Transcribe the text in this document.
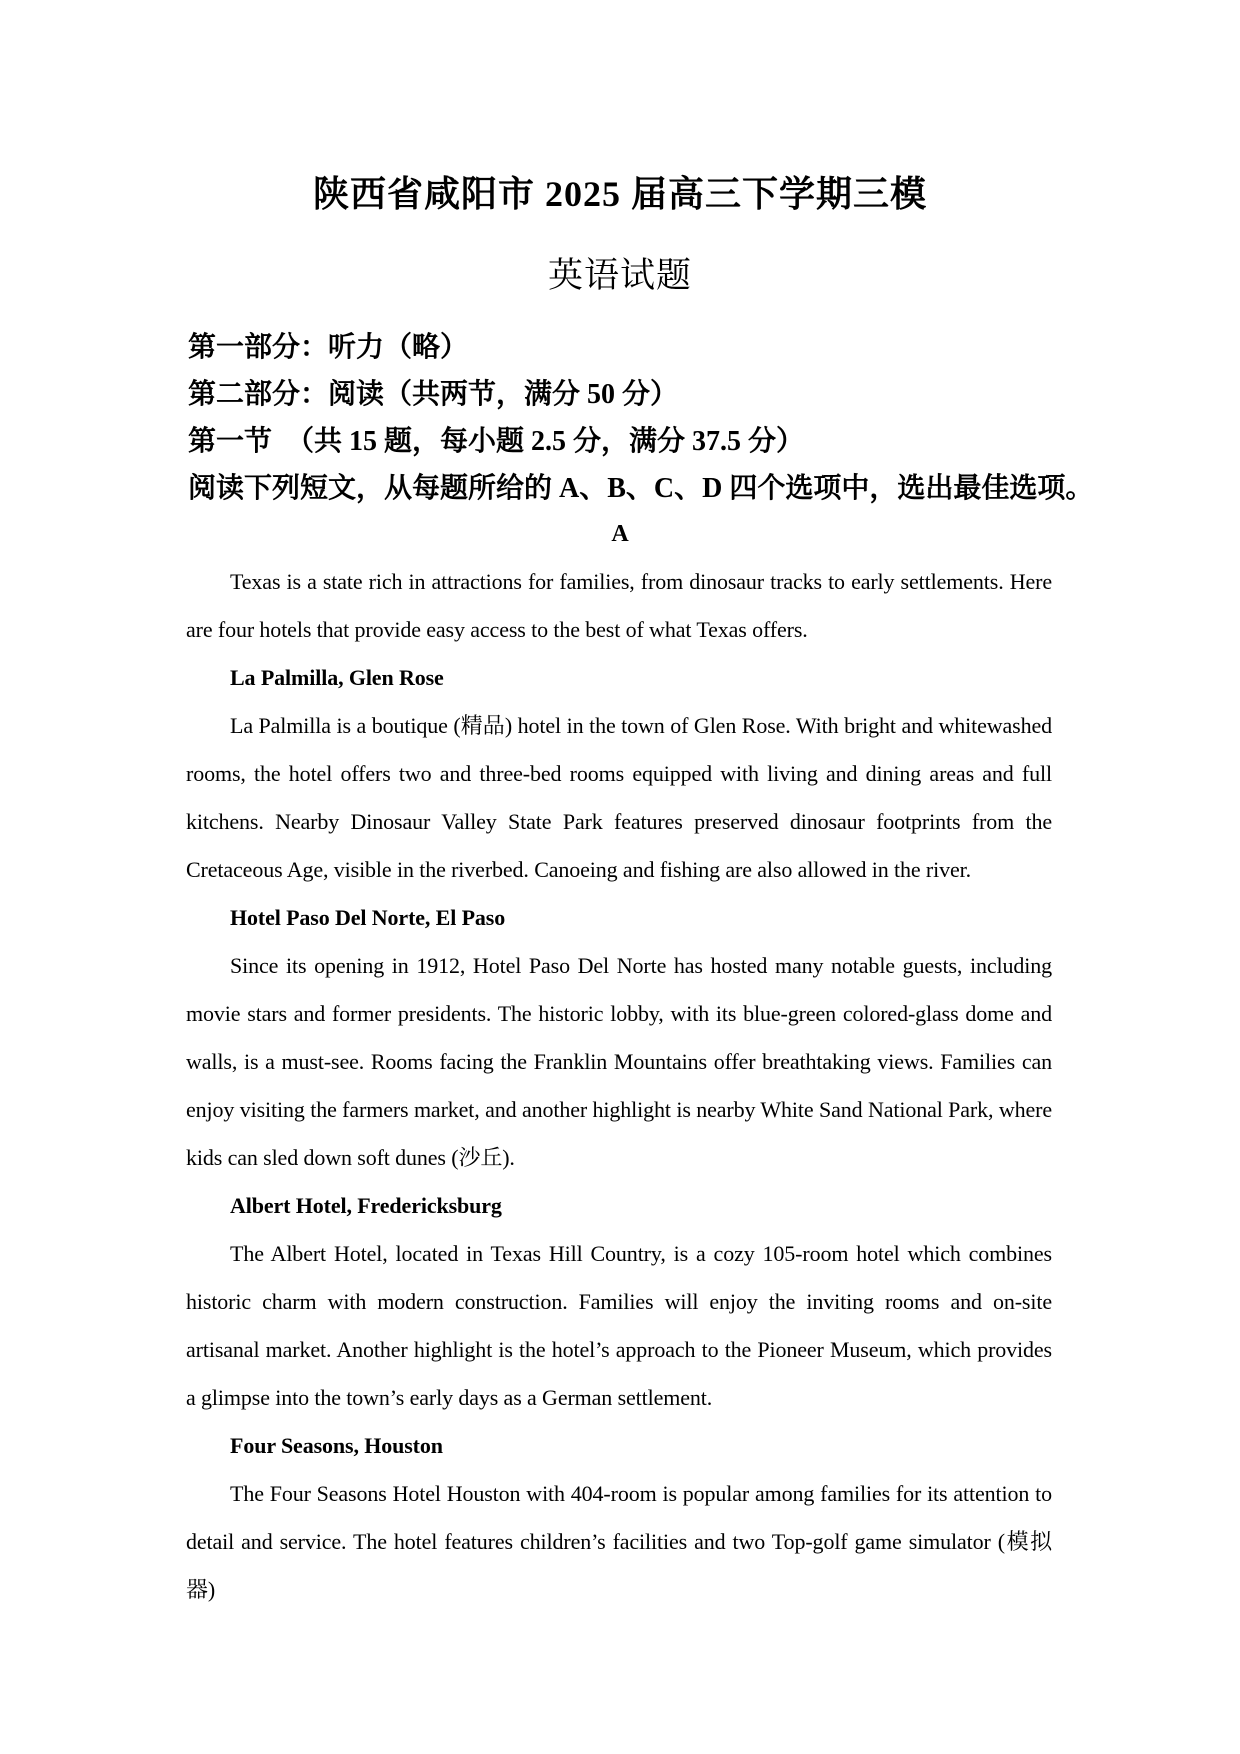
陕西省咸阳市 2025 届高三下学期三模
英语试题
第一部分：听力（略）
第二部分：阅读（共两节，满分 50 分）
第一节　（共 15 题，每小题 2.5 分，满分 37.5 分）
阅读下列短文，从每题所给的 A、B、C、D 四个选项中，选出最佳选项。
A

Texas is a state rich in attractions for families, from dinosaur tracks to early settlements. Here are four hotels that provide easy access to the best of what Texas offers.

La Palmilla, Glen Rose

La Palmilla is a boutique (精品) hotel in the town of Glen Rose. With bright and whitewashed rooms, the hotel offers two and three-bed rooms equipped with living and dining areas and full kitchens. Nearby Dinosaur Valley State Park features preserved dinosaur footprints from the Cretaceous Age, visible in the riverbed. Canoeing and fishing are also allowed in the river.

Hotel Paso Del Norte, El Paso

Since its opening in 1912, Hotel Paso Del Norte has hosted many notable guests, including movie stars and former presidents. The historic lobby, with its blue-green colored-glass dome and walls, is a must-see. Rooms facing the Franklin Mountains offer breathtaking views. Families can enjoy visiting the farmers market, and another highlight is nearby White Sand National Park, where kids can sled down soft dunes (沙丘).

Albert Hotel, Fredericksburg

The Albert Hotel, located in Texas Hill Country, is a cozy 105-room hotel which combines historic charm with modern construction. Families will enjoy the inviting rooms and on-site artisanal market. Another highlight is the hotel’s approach to the Pioneer Museum, which provides a glimpse into the town’s early days as a German settlement.

Four Seasons, Houston

The Four Seasons Hotel Houston with 404-room is popular among families for its attention to detail and service. The hotel features children’s facilities and two Top-golf game simulator (模拟器)
